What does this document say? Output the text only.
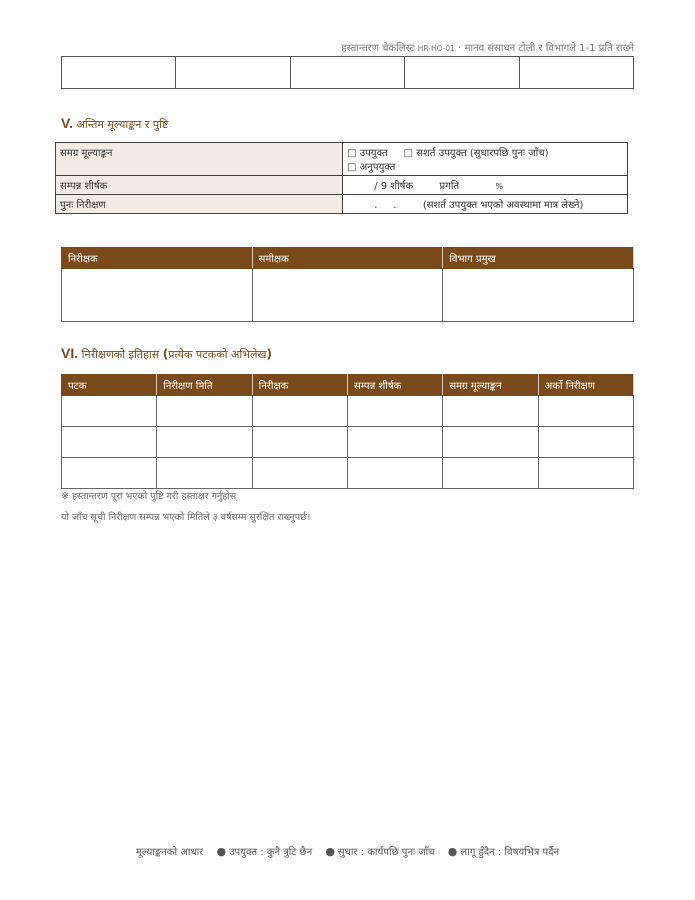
हस्तान्तरण चेकलिस्ट HR-HO-01 · मानव संसाधन टोली र विभागले 1-1 प्रति राख्ने

V. अन्तिम मूल्याङ्कन र पुष्टि
समग्र मूल्याङ्कन	□ उपयुक्त □ सशर्त उपयुक्त (सुधारपछि पुनः जाँच)
□ अनुपयुक्त
सम्पन्न शीर्षक	/ 9 शीर्षक प्रगति %
पुनः निरीक्षण	.     . (सशर्त उपयुक्त भएको अवस्थामा मात्र लेख्ने)
निरीक्षक	समीक्षक	विभाग प्रमुख

VI. निरीक्षणको इतिहास (प्रत्येक पटकको अभिलेख)
पटक	निरीक्षण मिति	निरीक्षक	सम्पन्न शीर्षक	समग्र मूल्याङ्कन	अर्को निरीक्षण

※ हस्तान्तरण पूरा भएको पुष्टि गरी हस्ताक्षर गर्नुहोस्
यो जाँच सूची निरीक्षण सम्पन्न भएको मितिले ३ वर्षसम्म सुरक्षित राख्नुपर्छ।
मूल्याङ्कनको आधार ● उपयुक्त : कुनै त्रुटि छैन ● सुधार : कार्यपछि पुनः जाँच ● लागू हुँदैन : विषयभित्र पर्दैन
